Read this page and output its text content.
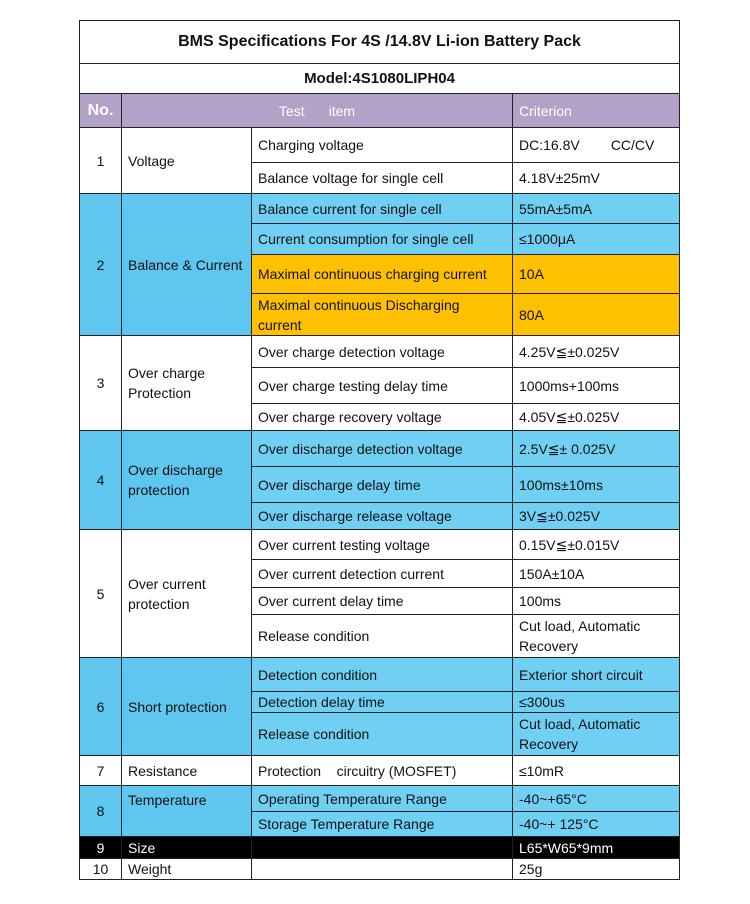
BMS Specifications For 4S /14.8V Li-ion Battery Pack			
Model:4S1080LIPH04			
No.	Test item		Criterion
1	Voltage	Charging voltage	DC:16.8V        CC/CV
		Balance voltage for single cell	4.18V±25mV
2	Balance & Current	Balance current for single cell	55mA±5mA
		Current consumption for single cell	≤1000μA
		Maximal continuous charging current	10A
		Maximal continuous Discharging current	80A
3	Over charge Protection	Over charge detection voltage	4.25V≦±0.025V
		Over charge testing delay time	1000ms+100ms
		Over charge recovery voltage	4.05V≦±0.025V
4	Over discharge protection	Over discharge detection voltage	2.5V≦± 0.025V
		Over discharge delay time	100ms±10ms
		Over discharge release voltage	3V≦±0.025V
5	Over current protection	Over current testing voltage	0.15V≦±0.015V
		Over current detection current	150A±10A
		Over current delay time	100ms
		Release condition	Cut load, Automatic Recovery
6	Short protection	Detection condition	Exterior short circuit
		Detection delay time	≤300us
		Release condition	Cut load, Automatic Recovery
7	Resistance	Protection    circuitry (MOSFET)	≤10mR
8	Temperature	Operating Temperature Range	-40~+65°C
		Storage Temperature Range	-40~+ 125°C
9	Size		L65*W65*9mm
10	Weight		25g
